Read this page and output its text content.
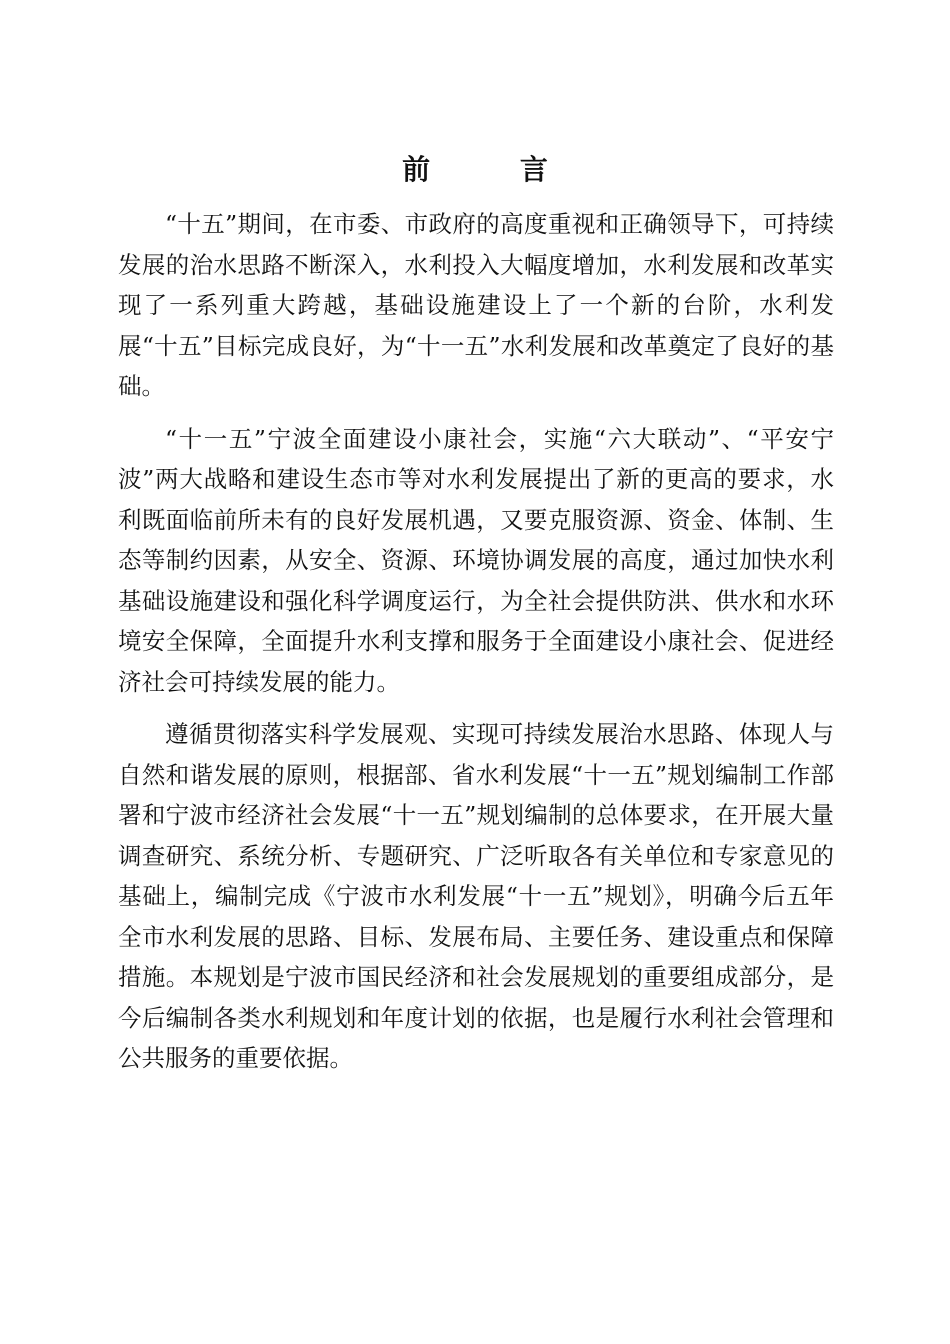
前 言

“十五”期间，在市委、市政府的高度重视和正确领导下，可持续发展的治水思路不断深入，水利投入大幅度增加，水利发展和改革实现了一系列重大跨越，基础设施建设上了一个新的台阶，水利发展“十五”目标完成良好，为“十一五”水利发展和改革奠定了良好的基础。

“十一五”宁波全面建设小康社会，实施“六大联动”、“平安宁波”两大战略和建设生态市等对水利发展提出了新的更高的要求，水利既面临前所未有的良好发展机遇，又要克服资源、资金、体制、生态等制约因素，从安全、资源、环境协调发展的高度，通过加快水利基础设施建设和强化科学调度运行，为全社会提供防洪、供水和水环境安全保障，全面提升水利支撑和服务于全面建设小康社会、促进经济社会可持续发展的能力。

遵循贯彻落实科学发展观、实现可持续发展治水思路、体现人与自然和谐发展的原则，根据部、省水利发展“十一五”规划编制工作部署和宁波市经济社会发展“十一五”规划编制的总体要求，在开展大量调查研究、系统分析、专题研究、广泛听取各有关单位和专家意见的基础上，编制完成《宁波市水利发展“十一五”规划》，明确今后五年全市水利发展的思路、目标、发展布局、主要任务、建设重点和保障措施。本规划是宁波市国民经济和社会发展规划的重要组成部分，是今后编制各类水利规划和年度计划的依据，也是履行水利社会管理和公共服务的重要依据。
